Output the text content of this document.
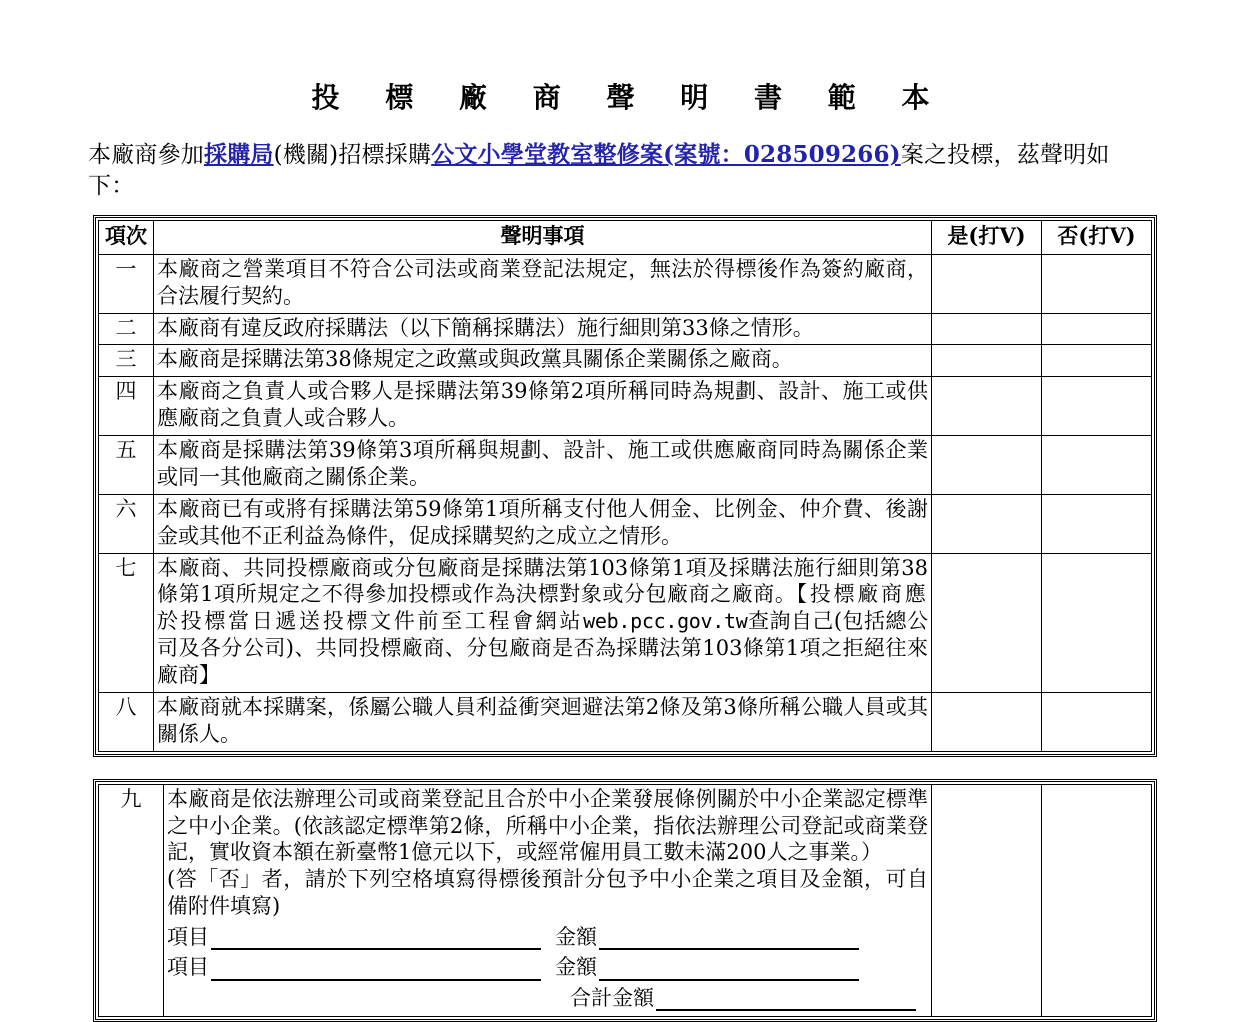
投 標 廠 商 聲 明 書 範 本
本廠商參加採購局(機關)招標採購公文小學堂教室整修案(案號：028509266)案之投標，茲聲明如下：
項次	聲明事項	是(打V)	否(打V)
一	本廠商之營業項目不符合公司法或商業登記法規定，無法於得標後作為簽約廠商，合法履行契約。		
二	本廠商有違反政府採購法（以下簡稱採購法）施行細則第33條之情形。		
三	本廠商是採購法第38條規定之政黨或與政黨具關係企業關係之廠商。		
四	本廠商之負責人或合夥人是採購法第39條第2項所稱同時為規劃、設計、施工或供應廠商之負責人或合夥人。		
五	本廠商是採購法第39條第3項所稱與規劃、設計、施工或供應廠商同時為關係企業或同一其他廠商之關係企業。		
六	本廠商已有或將有採購法第59條第1項所稱支付他人佣金、比例金、仲介費、後謝金或其他不正利益為條件，促成採購契約之成立之情形。		
七	本廠商、共同投標廠商或分包廠商是採購法第103條第1項及採購法施行細則第38條第1項所規定之不得參加投標或作為決標對象或分包廠商之廠商。【投標廠商應於投標當日遞送投標文件前至工程會網站web.pcc.gov.tw查詢自己(包括總公司及各分公司)、共同投標廠商、分包廠商是否為採購法第103條第1項之拒絕往來廠商】		
八	本廠商就本採購案，係屬公職人員利益衝突迴避法第2條及第3條所稱公職人員或其關係人。		
九	本廠商是依法辦理公司或商業登記且合於中小企業發展條例關於中小企業認定標準之中小企業。(依該認定標準第2條，所稱中小企業，指依法辦理公司登記或商業登記，實收資本額在新臺幣1億元以下，或經常僱用員工數未滿200人之事業。）
(答「否」者，請於下列空格填寫得標後預計分包予中小企業之項目及金額，可自備附件填寫)
項目	金額
項目	金額
合計金額
